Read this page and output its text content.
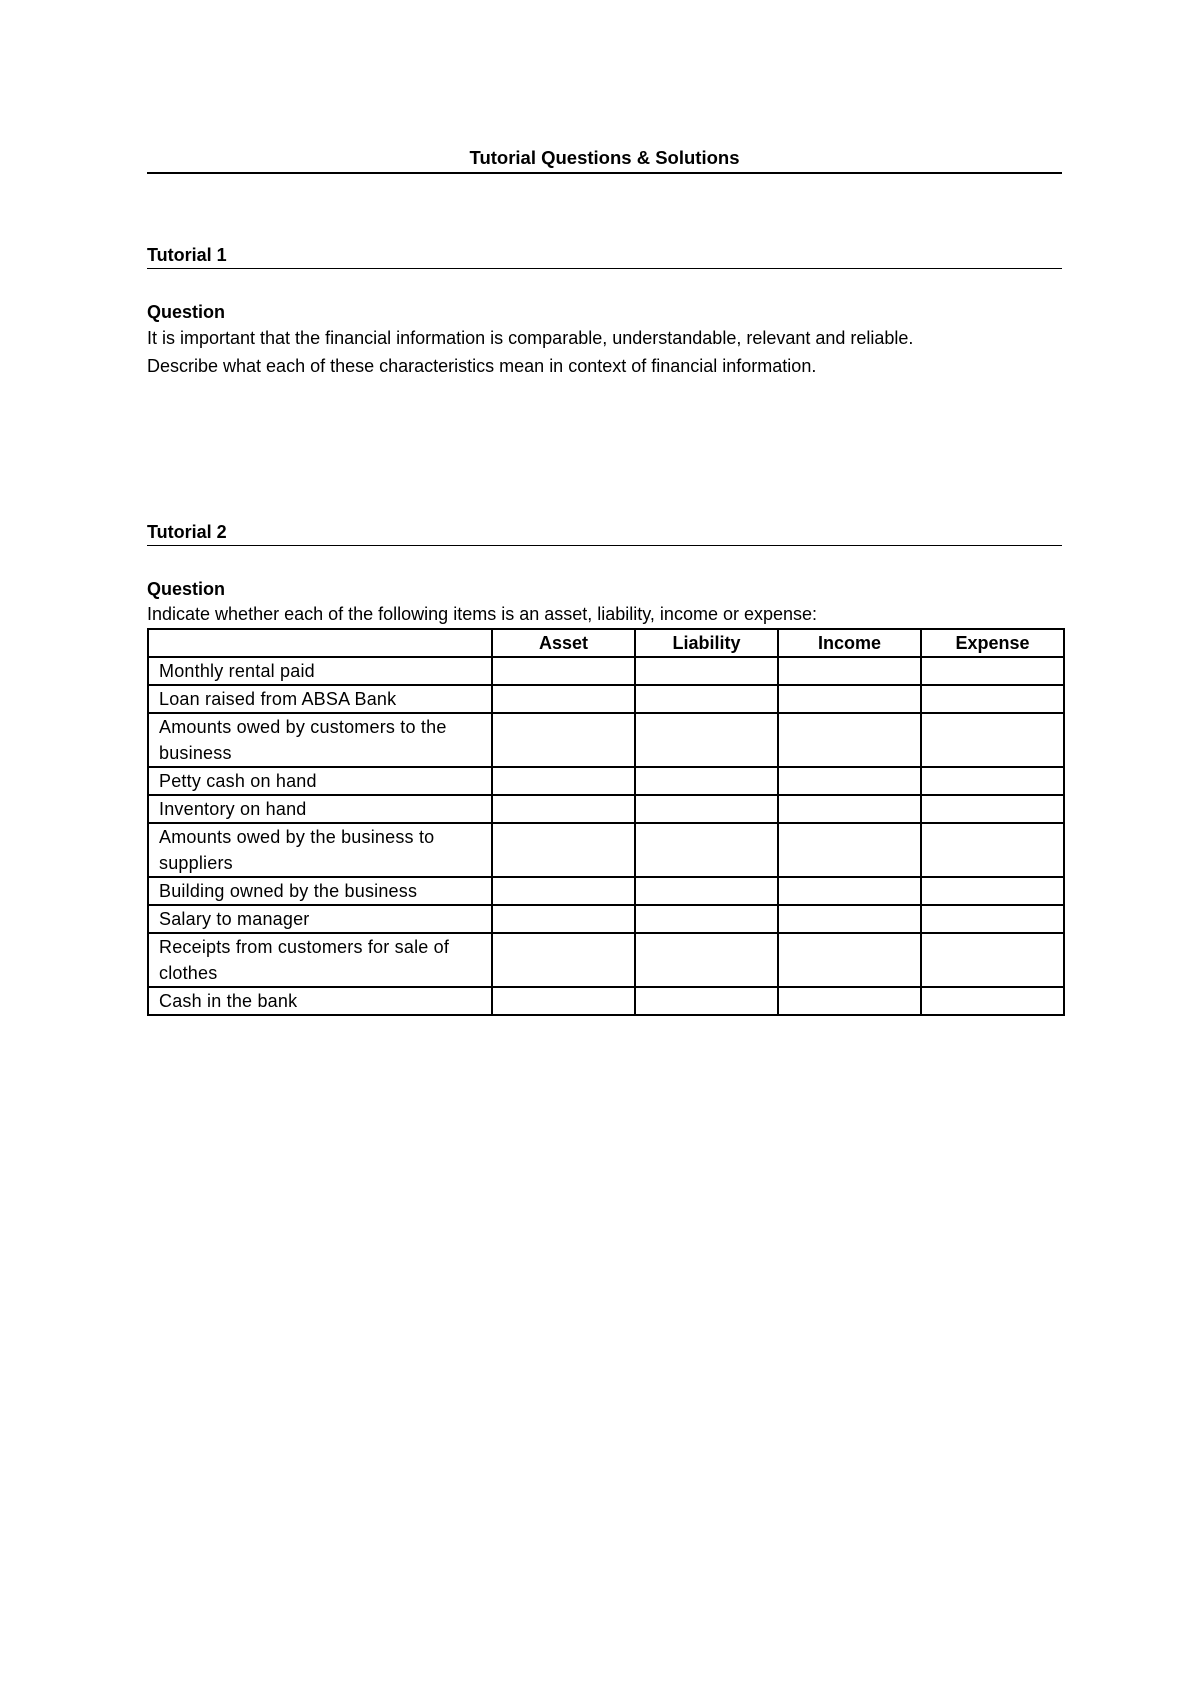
Tutorial Questions & Solutions
Tutorial 1
Question

It is important that the financial information is comparable, understandable, relevant and reliable.

Describe what each of these characteristics mean in context of financial information.

Tutorial 2
Question

Indicate whether each of the following items is an asset, liability, income or expense:

	Asset	Liability	Income	Expense
Monthly rental paid				
Loan raised from ABSA Bank				
Amounts owed by customers to the business				
Petty cash on hand				
Inventory on hand				
Amounts owed by the business to suppliers				
Building owned by the business				
Salary to manager				
Receipts from customers for sale of clothes				
Cash in the bank				
